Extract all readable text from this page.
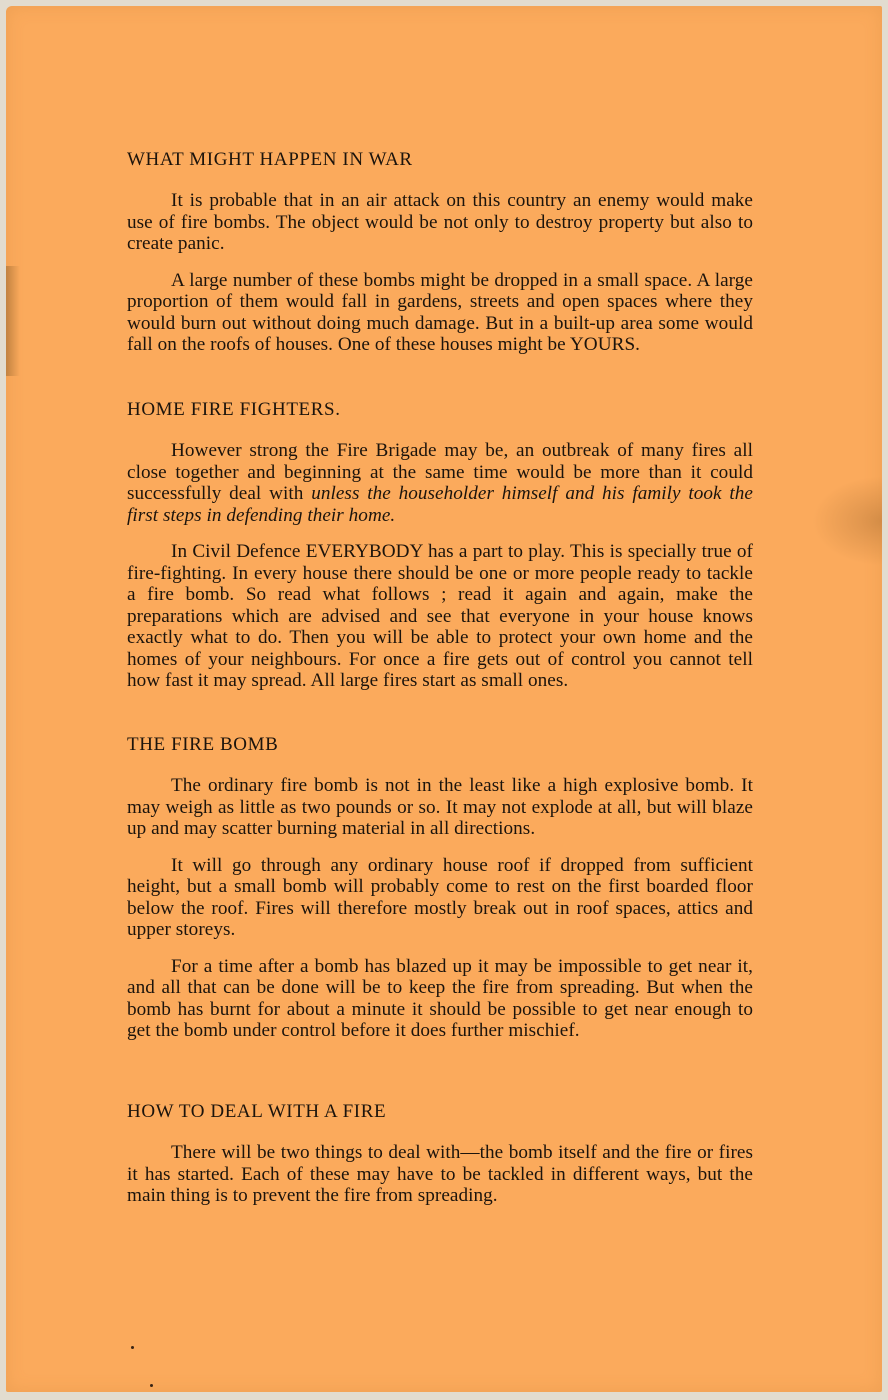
WHAT MIGHT HAPPEN IN WAR

It is probable that in an air attack on this country an enemy would make use of fire bombs. The object would be not only to destroy property but also to create panic.

A large number of these bombs might be dropped in a small space. A large proportion of them would fall in gardens, streets and open spaces where they would burn out without doing much damage. But in a built-up area some would fall on the roofs of houses. One of these houses might be YOURS.

HOME FIRE FIGHTERS.

However strong the Fire Brigade may be, an outbreak of many fires all close together and beginning at the same time would be more than it could successfully deal with unless the householder himself and his family took the first steps in defending their home.

In Civil Defence EVERYBODY has a part to play. This is specially true of fire-fighting. In every house there should be one or more people ready to tackle a fire bomb. So read what follows ; read it again and again, make the preparations which are advised and see that everyone in your house knows exactly what to do. Then you will be able to protect your own home and the homes of your neighbours. For once a fire gets out of control you cannot tell how fast it may spread. All large fires start as small ones.

THE FIRE BOMB

The ordinary fire bomb is not in the least like a high explosive bomb. It may weigh as little as two pounds or so. It may not explode at all, but will blaze up and may scatter burning material in all directions.

It will go through any ordinary house roof if dropped from sufficient height, but a small bomb will probably come to rest on the first boarded floor below the roof. Fires will therefore mostly break out in roof spaces, attics and upper storeys.

For a time after a bomb has blazed up it may be impossible to get near it, and all that can be done will be to keep the fire from spreading. But when the bomb has burnt for about a minute it should be possible to get near enough to get the bomb under control before it does further mischief.

HOW TO DEAL WITH A FIRE

There will be two things to deal with—the bomb itself and the fire or fires it has started. Each of these may have to be tackled in different ways, but the main thing is to prevent the fire from spreading.
